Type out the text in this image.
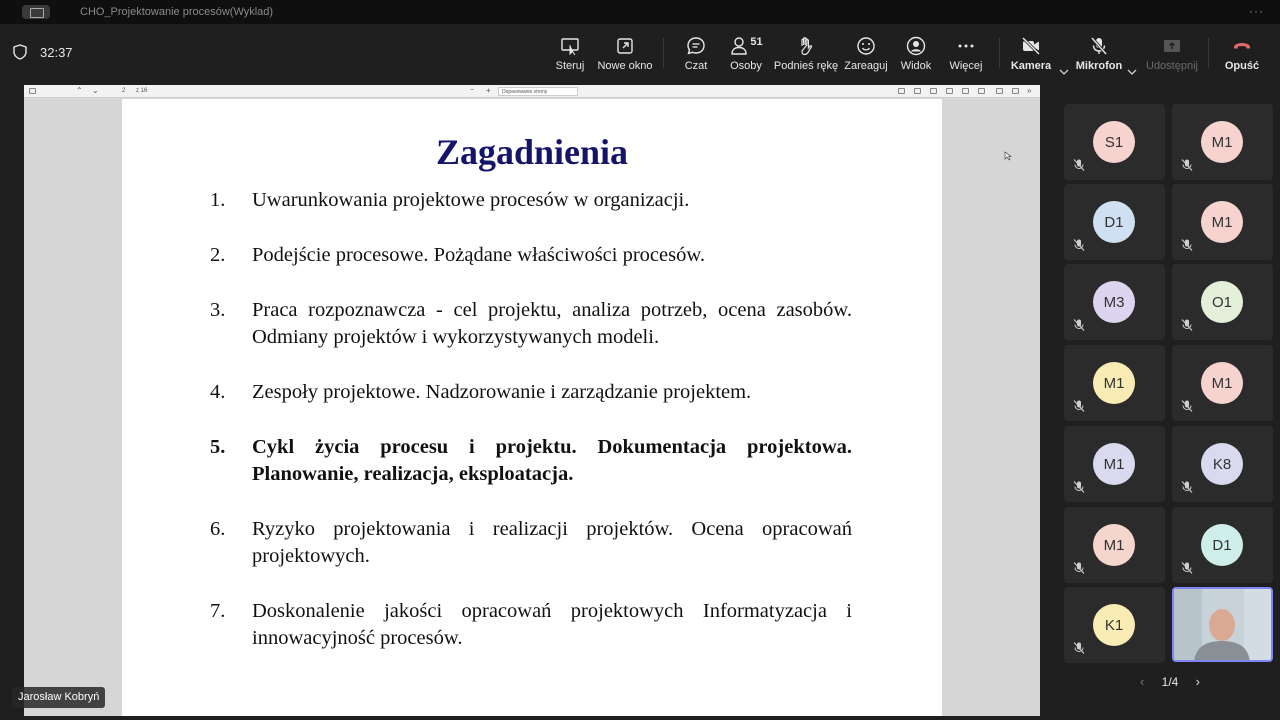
CHO_Projektowanie procesów(Wyklad)	···
32:37
Steruj Nowe okno	Czat
51
Osoby Podnieś rękę Zareaguj Widok Więcej	Kamera Mikrofon Udostępnij Opuść
⌃ ⌄	2 z 16	− +	Dopasowanie strony	»
Zagadnienia
1.	Uwarunkowania projektowe procesów w organizacji.
2.	Podejście procesowe. Pożądane właściwości procesów.
3.	Praca rozpoznawcza - cel projektu, analiza potrzeb, ocena zasobów. Odmiany projektów i wykorzystywanych modeli.
4.	Zespoły projektowe. Nadzorowanie i zarządzanie projektem.
5.	Cykl życia procesu i projektu. Dokumentacja projektowa. Planowanie, realizacja, eksploatacja.
6.	Ryzyko projektowania i realizacji projektów. Ocena opracowań projektowych.
7.	Doskonalenie jakości opracowań projektowych Informatyzacja i innowacyjność procesów.
Jarosław Kobryń
S1	M1
D1	M1
M3	O1
M1	M1
M1	K8
M1	D1
K1
‹ 1/4 ›
